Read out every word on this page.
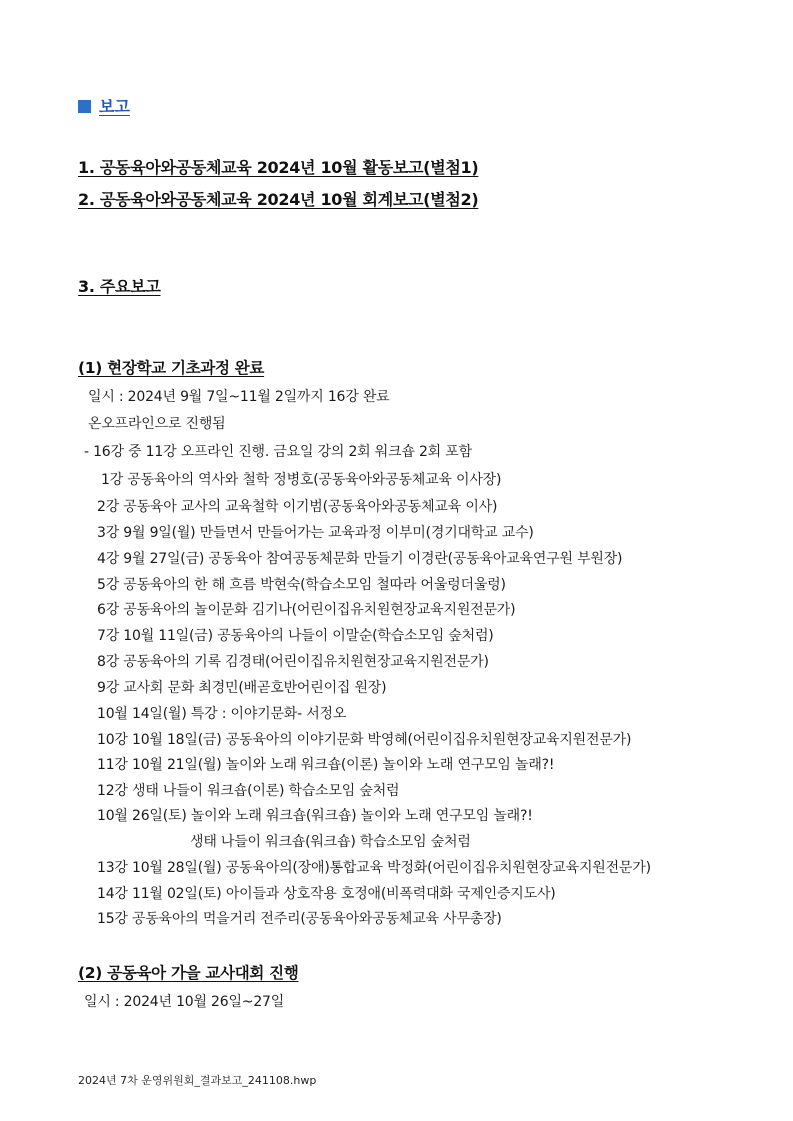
보고
1. 공동육아와공동체교육 2024년 10월 활동보고(별첨1)
2. 공동육아와공동체교육 2024년 10월 회계보고(별첨2)
3. 주요보고
(1) 현장학교 기초과정 완료
일시 : 2024년 9월 7일~11월 2일까지 16강 완료
온오프라인으로 진행됨
- 16강 중 11강 오프라인 진행. 금요일 강의 2회 워크숍 2회 포함
1강 공동육아의 역사와 철학 정병호(공동육아와공동체교육 이사장)
2강 공동육아 교사의 교육철학 이기범(공동육아와공동체교육 이사)
3강 9월 9일(월) 만들면서 만들어가는 교육과정 이부미(경기대학교 교수)
4강 9월 27일(금) 공동육아 참여공동체문화 만들기 이경란(공동육아교육연구원 부원장)
5강 공동육아의 한 해 흐름 박현숙(학습소모임 철따라 어울렁더울렁)
6강 공동육아의 놀이문화 김기나(어린이집유치원현장교육지원전문가)
7강 10월 11일(금) 공동육아의 나들이 이말순(학습소모임 숲처럼)
8강 공동육아의 기록 김경태(어린이집유치원현장교육지원전문가)
9강 교사회 문화 최경민(배곧호반어린이집 원장)
10월 14일(월) 특강 : 이야기문화- 서정오
10강 10월 18일(금) 공동육아의 이야기문화 박영혜(어린이집유치원현장교육지원전문가)
11강 10월 21일(월) 놀이와 노래 워크숍(이론) 놀이와 노래 연구모임 놀래?!
12강 생태 나들이 워크숍(이론) 학습소모임 숲처럼
10월 26일(토) 놀이와 노래 워크숍(워크숍) 놀이와 노래 연구모임 놀래?!
생태 나들이 워크숍(워크숍) 학습소모임 숲처럼
13강 10월 28일(월) 공동육아의(장애)통합교육 박정화(어린이집유치원현장교육지원전문가)
14강 11월 02일(토) 아이들과 상호작용 호정애(비폭력대화 국제인증지도사)
15강 공동육아의 먹을거리 전주리(공동육아와공동체교육 사무총장)
(2) 공동육아 가을 교사대회 진행
일시 : 2024년 10월 26일~27일
2024년 7차 운영위원회_결과보고_241108.hwp
